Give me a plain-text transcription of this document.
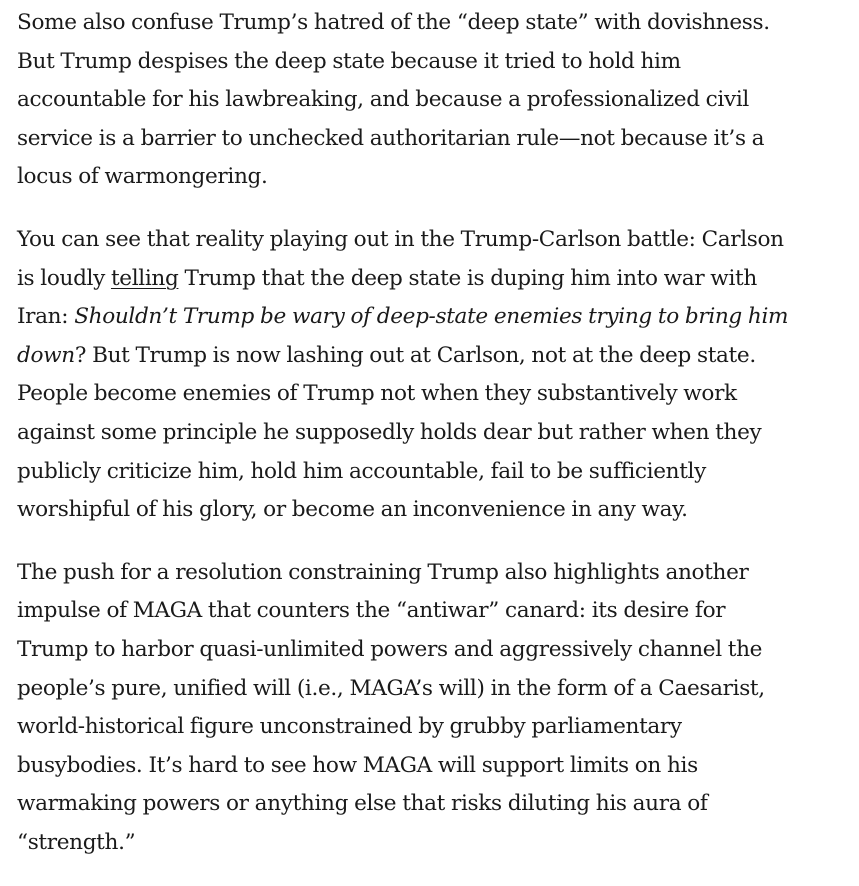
Some also confuse Trump’s hatred of the “deep state” with dovishness.
But Trump despises the deep state because it tried to hold him
accountable for his lawbreaking, and because a professionalized civil
service is a barrier to unchecked authoritarian rule—not because it’s a
locus of warmongering.

You can see that reality playing out in the Trump-Carlson battle: Carlson
is loudly telling Trump that the deep state is duping him into war with
Iran: Shouldn’t Trump be wary of deep-state enemies trying to bring him
down? But Trump is now lashing out at Carlson, not at the deep state.
People become enemies of Trump not when they substantively work
against some principle he supposedly holds dear but rather when they
publicly criticize him, hold him accountable, fail to be sufficiently
worshipful of his glory, or become an inconvenience in any way.

The push for a resolution constraining Trump also highlights another
impulse of MAGA that counters the “antiwar” canard: its desire for
Trump to harbor quasi-unlimited powers and aggressively channel the
people’s pure, unified will (i.e., MAGA’s will) in the form of a Caesarist,
world-historical figure unconstrained by grubby parliamentary
busybodies. It’s hard to see how MAGA will support limits on his
warmaking powers or anything else that risks diluting his aura of
“strength.”
